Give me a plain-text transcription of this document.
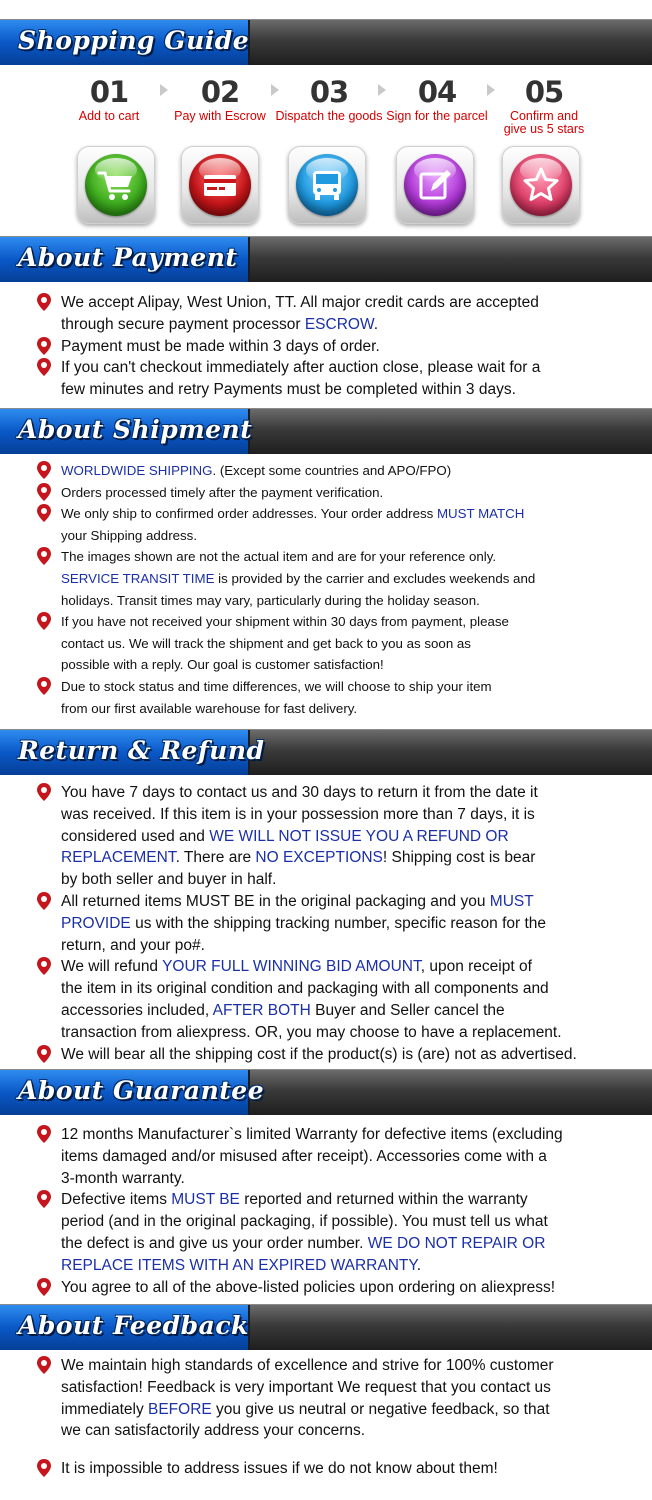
Shopping Guide
01
Add to cart
02
Pay with Escrow
03
Dispatch the goods
04
Sign for the parcel
05
Confirm and
give us 5 stars
About Payment
We accept Alipay, West Union, TT. All major credit cards are accepted
through secure payment processor ESCROW.
Payment must be made within 3 days of order.
If you can't checkout immediately after auction close, please wait for a
few minutes and retry Payments must be completed within 3 days.
About Shipment
WORLDWIDE SHIPPING. (Except some countries and APO/FPO)
Orders processed timely after the payment verification.
We only ship to confirmed order addresses. Your order address MUST MATCH
your Shipping address.
The images shown are not the actual item and are for your reference only.
SERVICE TRANSIT TIME is provided by the carrier and excludes weekends and
holidays. Transit times may vary, particularly during the holiday season.
If you have not received your shipment within 30 days from payment, please
contact us. We will track the shipment and get back to you as soon as
possible with a reply. Our goal is customer satisfaction!
Due to stock status and time differences, we will choose to ship your item
from our first available warehouse for fast delivery.
Return & Refund
You have 7 days to contact us and 30 days to return it from the date it
was received. If this item is in your possession more than 7 days, it is
considered used and WE WILL NOT ISSUE YOU A REFUND OR
REPLACEMENT. There are NO EXCEPTIONS! Shipping cost is bear
by both seller and buyer in half.
All returned items MUST BE in the original packaging and you MUST
PROVIDE us with the shipping tracking number, specific reason for the
return, and your po#.
We will refund YOUR FULL WINNING BID AMOUNT, upon receipt of
the item in its original condition and packaging with all components and
accessories included, AFTER BOTH Buyer and Seller cancel the
transaction from aliexpress. OR, you may choose to have a replacement.
We will bear all the shipping cost if the product(s) is (are) not as advertised.
About Guarantee
12 months Manufacturer`s limited Warranty for defective items (excluding
items damaged and/or misused after receipt). Accessories come with a
3-month warranty.
Defective items MUST BE reported and returned within the warranty
period (and in the original packaging, if possible). You must tell us what
the defect is and give us your order number. WE DO NOT REPAIR OR
REPLACE ITEMS WITH AN EXPIRED WARRANTY.
You agree to all of the above-listed policies upon ordering on aliexpress!
About Feedback
We maintain high standards of excellence and strive for 100% customer
satisfaction! Feedback is very important We request that you contact us
immediately BEFORE you give us neutral or negative feedback, so that
we can satisfactorily address your concerns.
It is impossible to address issues if we do not know about them!
